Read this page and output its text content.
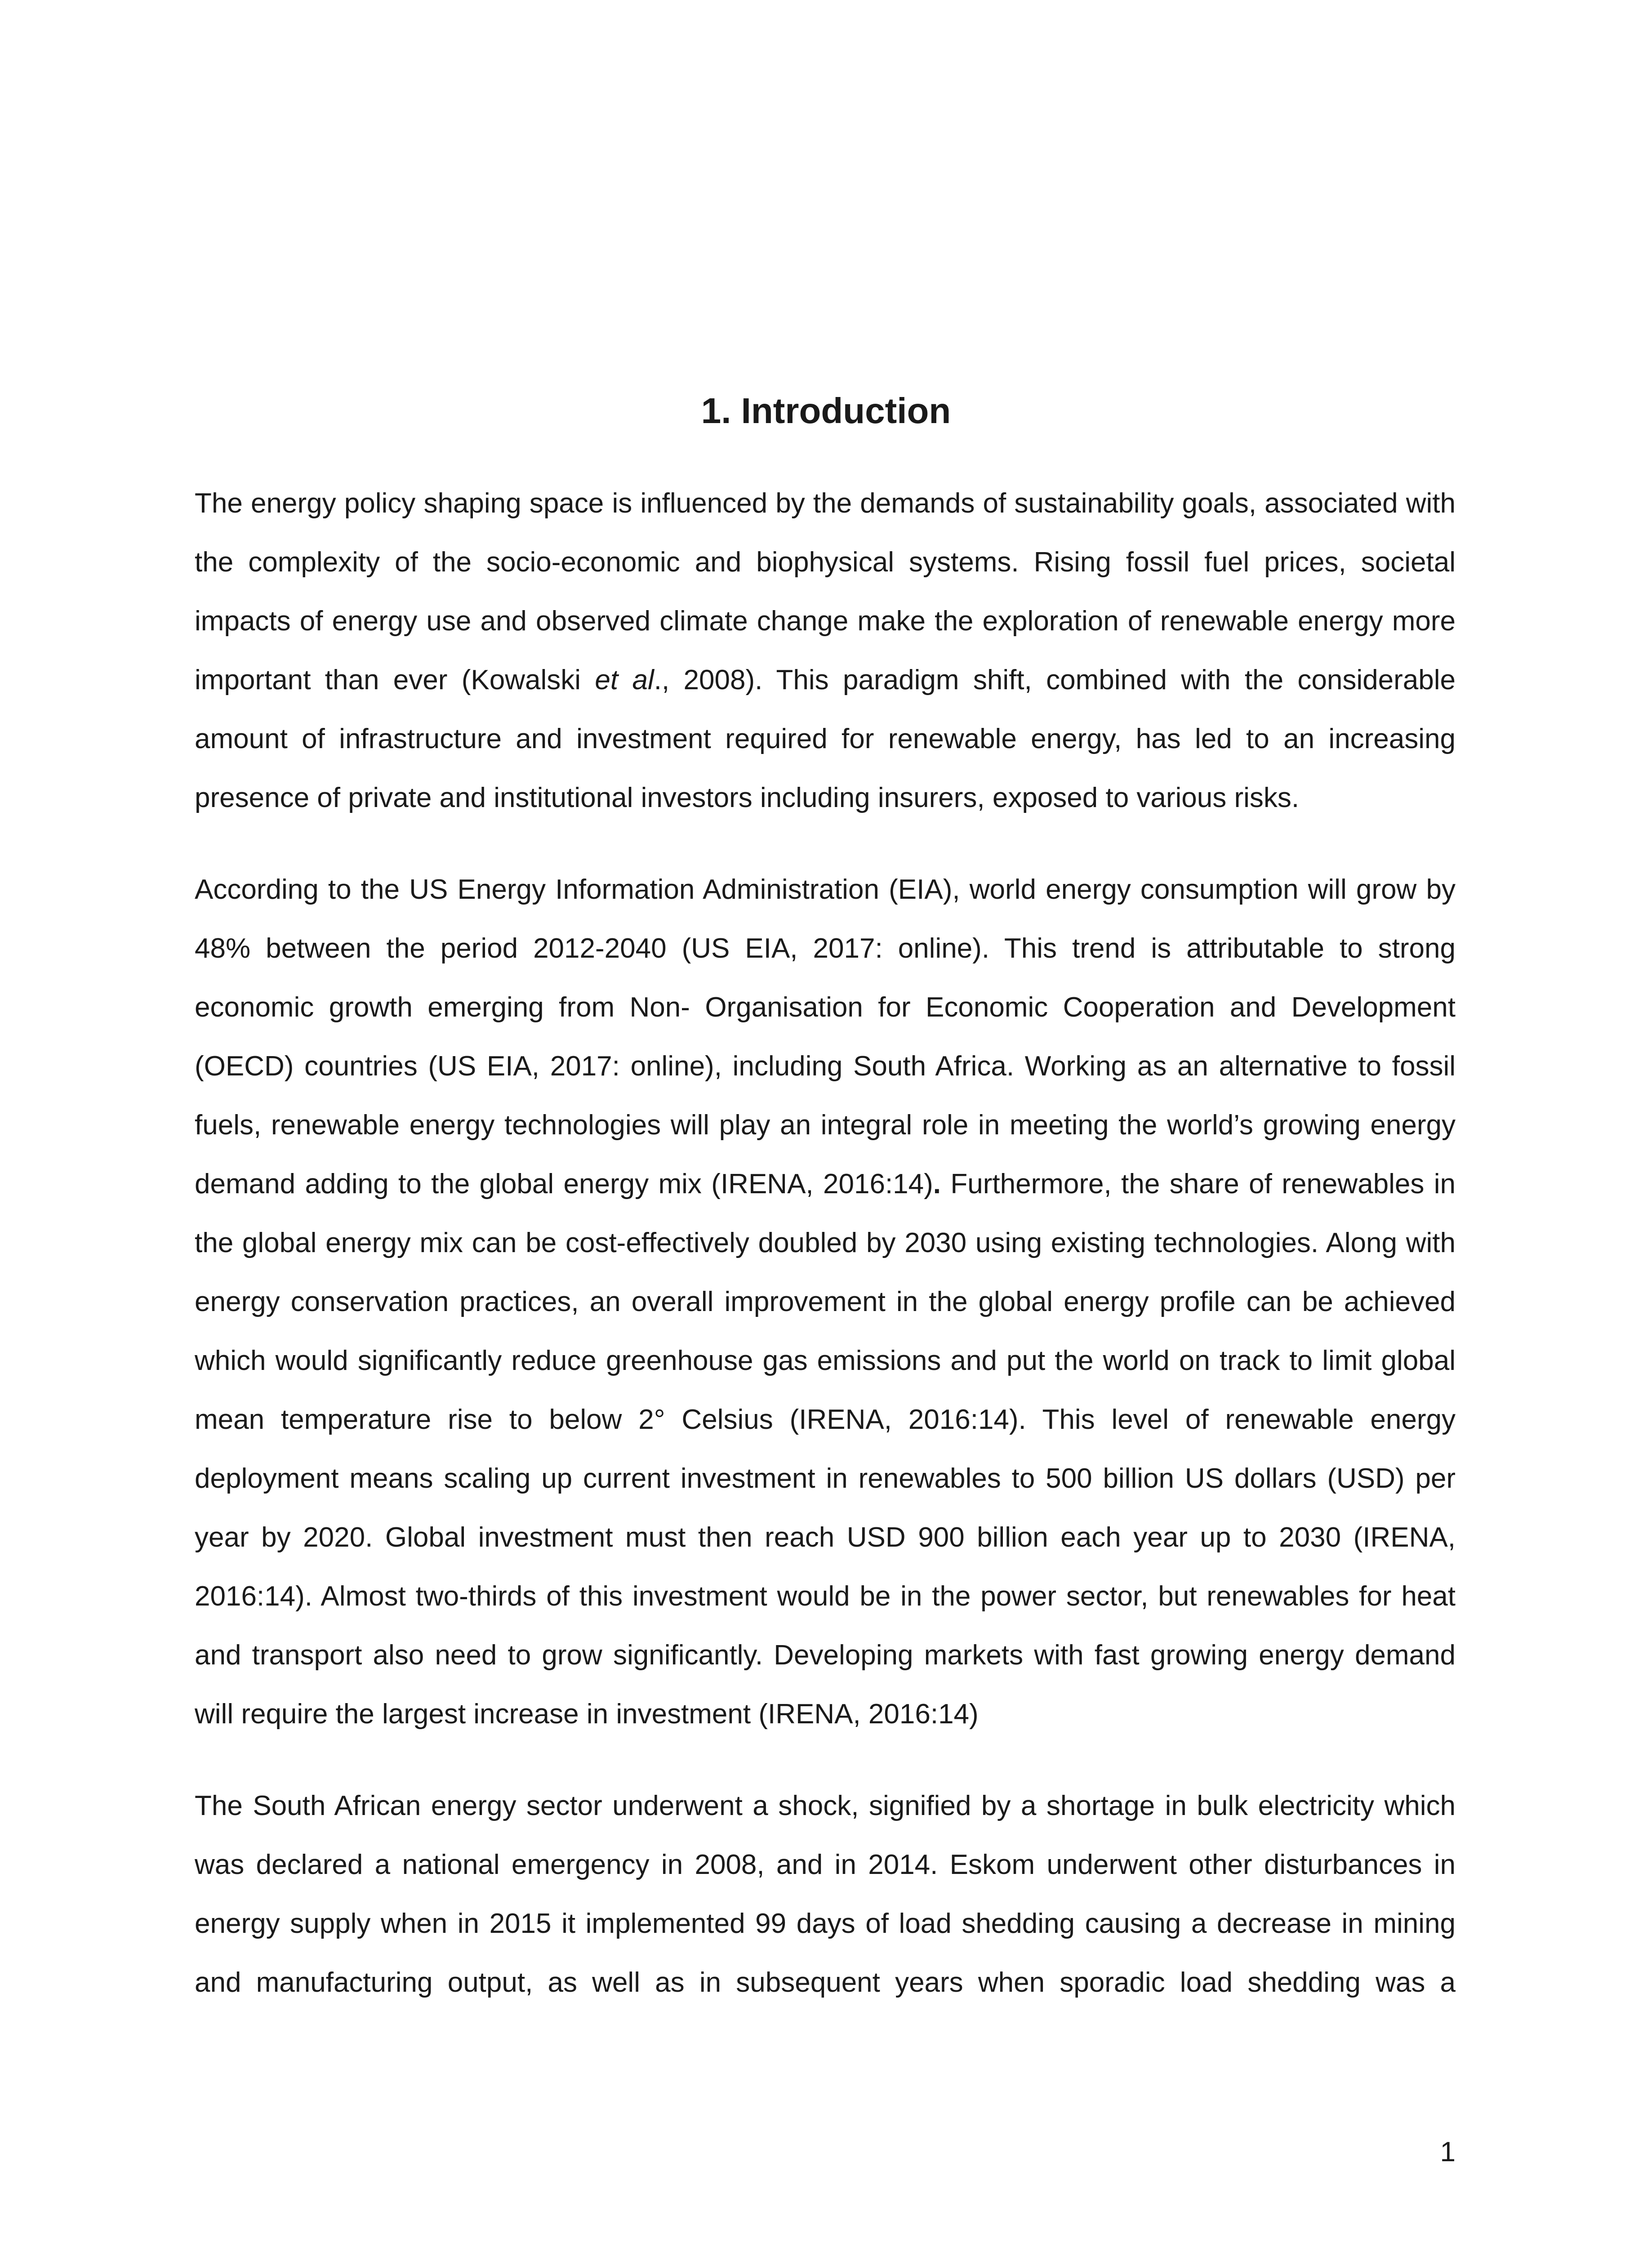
1. Introduction

The energy policy shaping space is influenced by the demands of sustainability goals, associated with the complexity of the socio-economic and biophysical systems. Rising fossil fuel prices, societal impacts of energy use and observed climate change make the exploration of renewable energy more important than ever (Kowalski et al., 2008). This paradigm shift, combined with the considerable amount of infrastructure and investment required for renewable energy, has led to an increasing presence of private and institutional investors including insurers, exposed to various risks.

According to the US Energy Information Administration (EIA), world energy consumption will grow by 48% between the period 2012-2040 (US EIA, 2017: online). This trend is attributable to strong economic growth emerging from Non- Organisation for Economic Cooperation and Development (OECD) countries (US EIA, 2017: online), including South Africa. Working as an alternative to fossil fuels, renewable energy technologies will play an integral role in meeting the world’s growing energy demand adding to the global energy mix (IRENA, 2016:14). Furthermore, the share of renewables in the global energy mix can be cost-effectively doubled by 2030 using existing technologies. Along with energy conservation practices, an overall improvement in the global energy profile can be achieved which would significantly reduce greenhouse gas emissions and put the world on track to limit global mean temperature rise to below 2° Celsius (IRENA, 2016:14). This level of renewable energy deployment means scaling up current investment in renewables to 500 billion US dollars (USD) per year by 2020. Global investment must then reach USD 900 billion each year up to 2030 (IRENA, 2016:14). Almost two-thirds of this investment would be in the power sector, but renewables for heat and transport also need to grow significantly. Developing markets with fast growing energy demand will require the largest increase in investment (IRENA, 2016:14)

The South African energy sector underwent a shock, signified by a shortage in bulk electricity which was declared a national emergency in 2008, and in 2014. Eskom underwent other disturbances in energy supply when in 2015 it implemented 99 days of load shedding causing a decrease in mining and manufacturing output, as well as in subsequent years when sporadic load shedding was a

1
